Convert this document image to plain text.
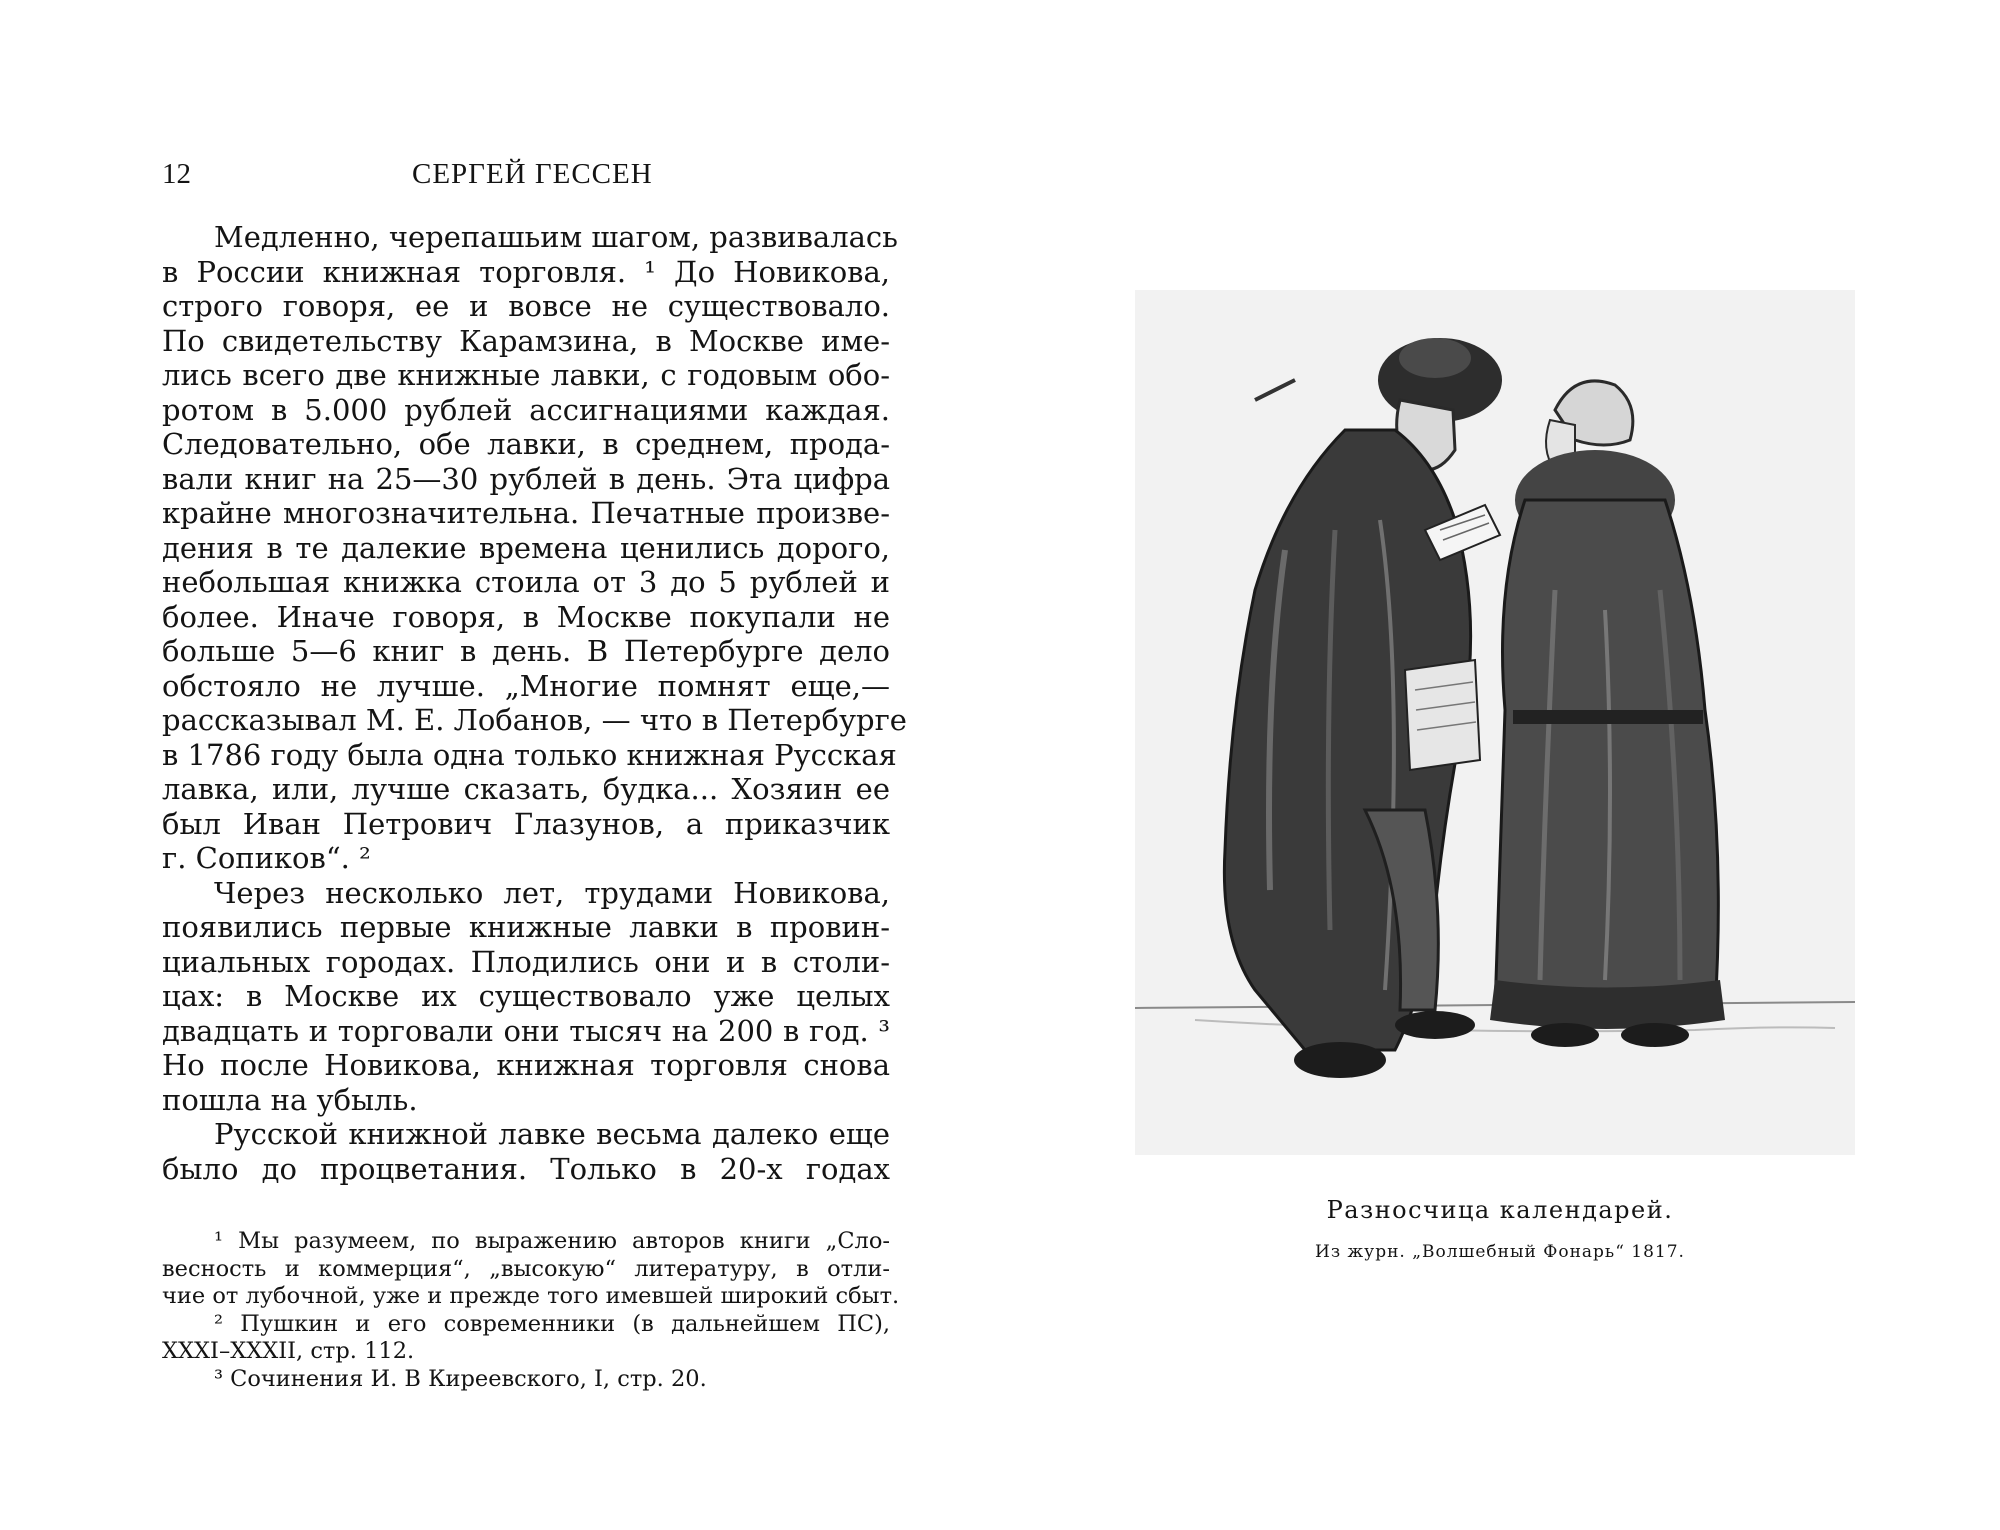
12	СЕРГЕЙ ГЕССЕН
Медленно, черепашьим шагом, развивалась
в России книжная торговля. ¹ До Новикова,
строго говоря, ее и вовсе не существовало.
По свидетельству Карамзина, в Москве име-
лись всего две книжные лавки, с годовым обо-
ротом в 5.000 рублей ассигнациями каждая.
Следовательно, обе лавки, в среднем, прода-
вали книг на 25—30 рублей в день. Эта цифра
крайне многозначительна. Печатные произве-
дения в те далекие времена ценились дорого,
небольшая книжка стоила от 3 до 5 рублей и
более. Иначе говоря, в Москве покупали не
больше 5—6 книг в день. В Петербурге дело
обстояло не лучше. „Многие помнят еще,—
рассказывал М. Е. Лобанов, — что в Петербурге
в 1786 году была одна только книжная Русская
лавка, или, лучше сказать, будка... Хозяин ее
был Иван Петрович Глазунов, а приказчик
г. Сопиков“. ²
Через несколько лет, трудами Новикова,
появились первые книжные лавки в провин-
циальных городах. Плодились они и в столи-
цах: в Москве их существовало уже целых
двадцать и торговали они тысяч на 200 в год. ³
Но после Новикова, книжная торговля снова
пошла на убыль.
Русской книжной лавке весьма далеко еще
было до процветания. Только в 20-х годах
¹ Мы разумеем, по выражению авторов книги „Сло-
весность и коммерция“, „высокую“ литературу, в отли-
чие от лубочной, уже и прежде того имевшей широкий сбыт.
² Пушкин и его современники (в дальнейшем ПС),
XXXI–XXXII, стр. 112.
³ Сочинения И. В Киреевского, I, стр. 20.
Разносчица календарей.
Из журн. „Волшебный Фонарь“ 1817.
